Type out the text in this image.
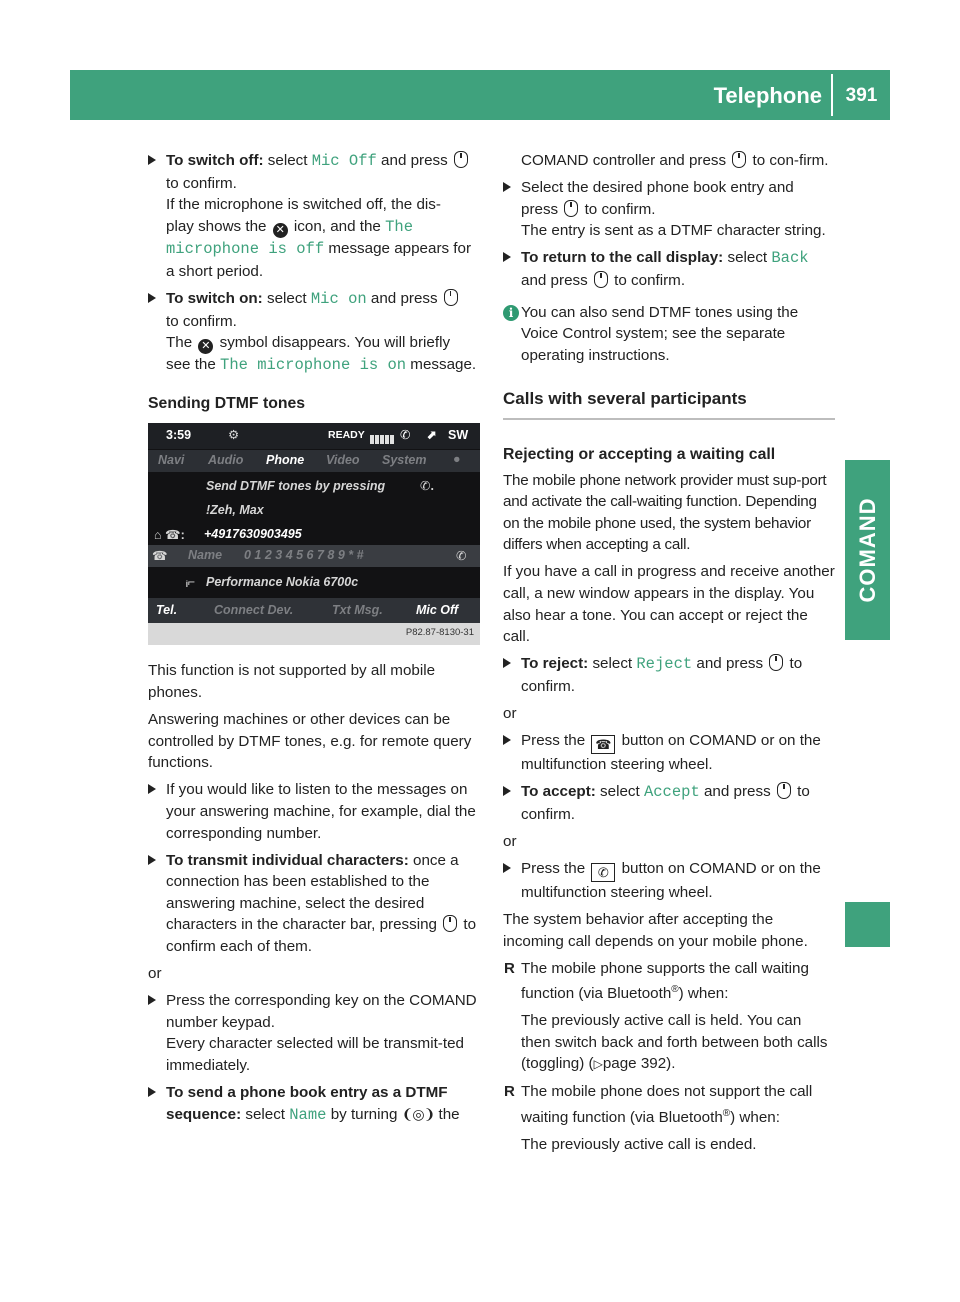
Telephone	391
COMAND
To switch off: select Mic Off and press
to confirm.
If the microphone is switched off, the dis-
play shows the ✕ icon, and the The
microphone is off message appears for
a short period.
To switch on: select Mic on and press
to confirm.
The ✕ symbol disappears. You will briefly
see the The microphone is on message.
Sending DTMF tones

This function is not supported by all mobile phones.

Answering machines or other devices can be controlled by DTMF tones, e.g. for remote query functions.

If you would like to listen to the messages on your answering machine, for example, dial the corresponding number.
To transmit individual characters: once a connection has been established to the answering machine, select the desired characters in the character bar, pressing  to confirm each of them.

or

Press the corresponding key on the COMAND number keypad.
Every character selected will be transmit-ted immediately.
To send a phone book entry as a DTMF sequence: select Name by turning ❨◎❩ the
3:59	⚙	READY	✆ ⬈ SW
Navi Audio Phone Video System ●
Send DTMF tones by pressing	✆.
!Zeh, Max
⌂ ☎: +4917630903495
☎ Name 0 1 2 3 4 5 6 7 8 9 * #	✆
ᵢ⌐ Performance Nokia 6700c
Tel.	Connect Dev.	Txt Msg.	Mic Off
P82.87-8130-31
COMAND controller and press  to con-firm.
Select the desired phone book entry and press  to confirm.
The entry is sent as a DTMF character string.
To return to the call display: select Back
and press  to confirm.
i You can also send DTMF tones using the Voice Control system; see the separate operating instructions.
Calls with several participants
Rejecting or accepting a waiting call

The mobile phone network provider must sup-port and activate the call-waiting function. Depending on the mobile phone used, the system behavior differs when accepting a call.

If you have a call in progress and receive another call, a new window appears in the display. You also hear a tone. You can accept or reject the call.

To reject: select Reject and press  to confirm.

or

Press the ☎ button on COMAND or on the multifunction steering wheel.
To accept: select Accept and press  to confirm.

or

Press the ✆ button on COMAND or on the multifunction steering wheel.

The system behavior after accepting the incoming call depends on your mobile phone.

R The mobile phone supports the call waiting function (via Bluetooth®) when:
The previously active call is held. You can then switch back and forth between both calls (toggling) (▷page 392).
R The mobile phone does not support the call waiting function (via Bluetooth®) when:
The previously active call is ended.
